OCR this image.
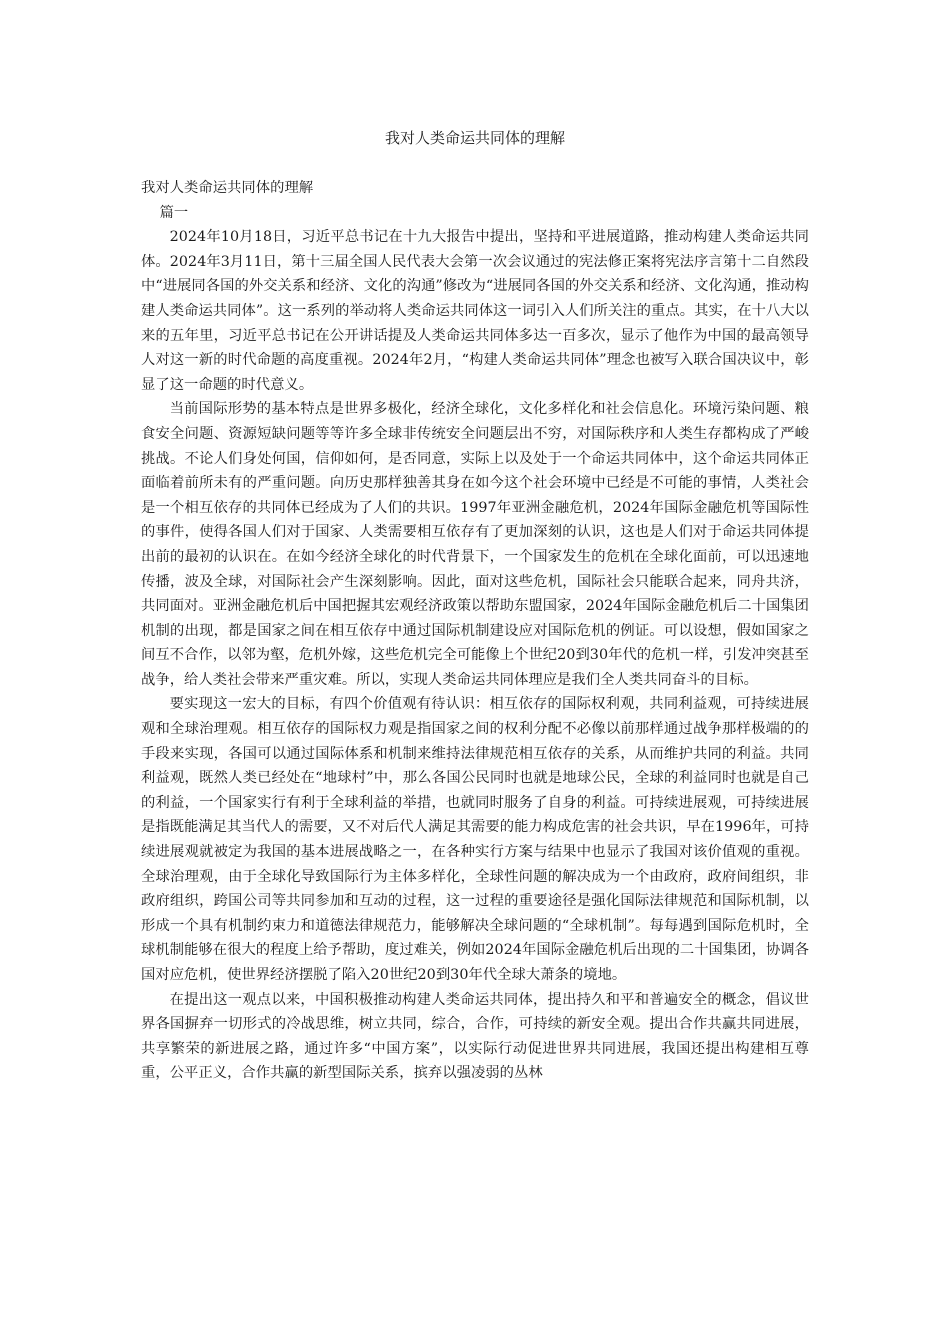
我对人类命运共同体的理解

我对人类命运共同体的理解

篇一

2024年10月18日，习近平总书记在十九大报告中提出，坚持和平进展道路，推动构建人类命运共同体。2024年3月11日，第十三届全国人民代表大会第一次会议通过的宪法修正案将宪法序言第十二自然段中“进展同各国的外交关系和经济、文化的沟通”修改为“进展同各国的外交关系和经济、文化沟通，推动构建人类命运共同体”。这一系列的举动将人类命运共同体这一词引入人们所关注的重点。其实，在十八大以来的五年里，习近平总书记在公开讲话提及人类命运共同体多达一百多次，显示了他作为中国的最高领导人对这一新的时代命题的高度重视。2024年2月，“构建人类命运共同体”理念也被写入联合国决议中，彰显了这一命题的时代意义。

当前国际形势的基本特点是世界多极化，经济全球化，文化多样化和社会信息化。环境污染问题、粮食安全问题、资源短缺问题等等许多全球非传统安全问题层出不穷，对国际秩序和人类生存都构成了严峻挑战。不论人们身处何国，信仰如何，是否同意，实际上以及处于一个命运共同体中，这个命运共同体正面临着前所未有的严重问题。向历史那样独善其身在如今这个社会环境中已经是不可能的事情，人类社会是一个相互依存的共同体已经成为了人们的共识。1997年亚洲金融危机，2024年国际金融危机等国际性的事件，使得各国人们对于国家、人类需要相互依存有了更加深刻的认识，这也是人们对于命运共同体提出前的最初的认识在。在如今经济全球化的时代背景下，一个国家发生的危机在全球化面前，可以迅速地传播，波及全球，对国际社会产生深刻影响。因此，面对这些危机，国际社会只能联合起来，同舟共济，共同面对。亚洲金融危机后中国把握其宏观经济政策以帮助东盟国家，2024年国际金融危机后二十国集团机制的出现，都是国家之间在相互依存中通过国际机制建设应对国际危机的例证。可以设想，假如国家之间互不合作，以邻为壑，危机外嫁，这些危机完全可能像上个世纪20到30年代的危机一样，引发冲突甚至战争，给人类社会带来严重灾难。所以，实现人类命运共同体理应是我们全人类共同奋斗的目标。

要实现这一宏大的目标，有四个价值观有待认识：相互依存的国际权利观，共同利益观，可持续进展观和全球治理观。相互依存的国际权力观是指国家之间的权利分配不必像以前那样通过战争那样极端的的手段来实现，各国可以通过国际体系和机制来维持法律规范相互依存的关系，从而维护共同的利益。共同利益观，既然人类已经处在“地球村”中，那么各国公民同时也就是地球公民，全球的利益同时也就是自己的利益，一个国家实行有利于全球利益的举措，也就同时服务了自身的利益。可持续进展观，可持续进展是指既能满足其当代人的需要，又不对后代人满足其需要的能力构成危害的社会共识，早在1996年，可持续进展观就被定为我国的基本进展战略之一，在各种实行方案与结果中也显示了我国对该价值观的重视。全球治理观，由于全球化导致国际行为主体多样化，全球性问题的解决成为一个由政府，政府间组织，非政府组织，跨国公司等共同参加和互动的过程，这一过程的重要途径是强化国际法律规范和国际机制，以形成一个具有机制约束力和道德法律规范力，能够解决全球问题的“全球机制”。每每遇到国际危机时，全球机制能够在很大的程度上给予帮助，度过难关，例如2024年国际金融危机后出现的二十国集团，协调各国对应危机，使世界经济摆脱了陷入20世纪20到30年代全球大萧条的境地。

在提出这一观点以来，中国积极推动构建人类命运共同体，提出持久和平和普遍安全的概念，倡议世界各国摒弃一切形式的冷战思维，树立共同，综合，合作，可持续的新安全观。提出合作共赢共同进展，共享繁荣的新进展之路，通过许多“中国方案”，以实际行动促进世界共同进展，我国还提出构建相互尊重，公平正义，合作共赢的新型国际关系，摈弃以强凌弱的丛林
